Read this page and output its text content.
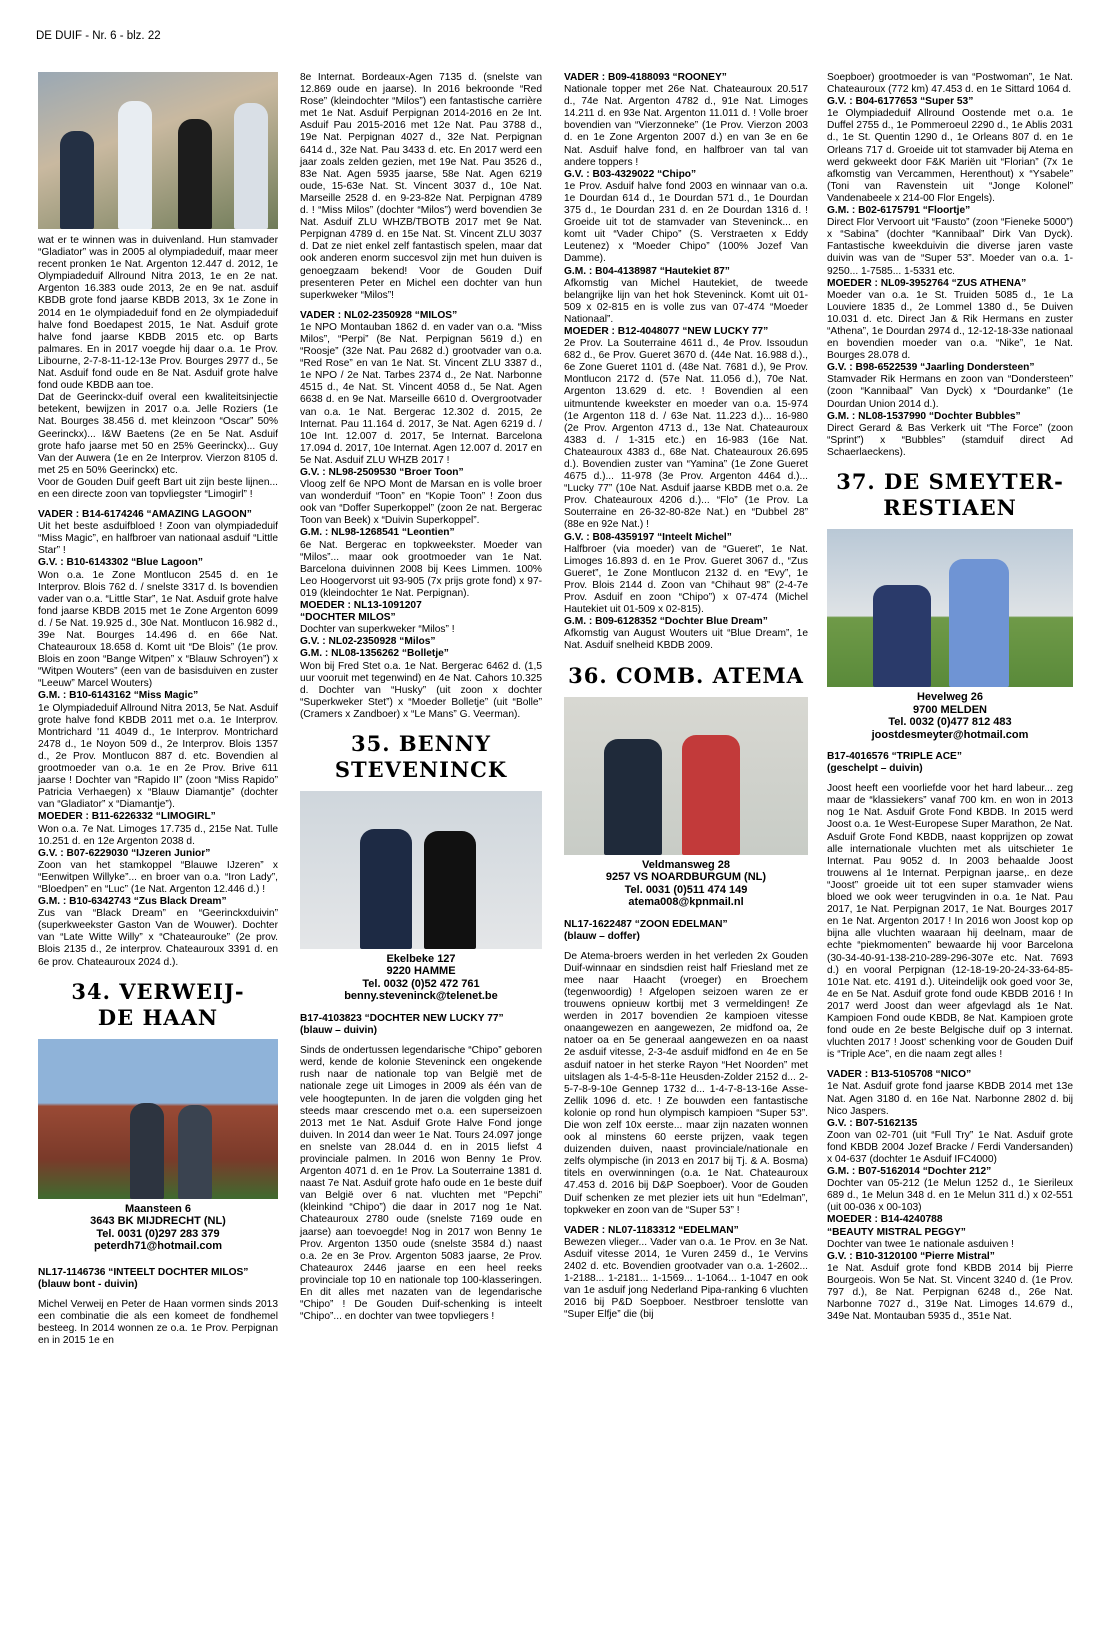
DE DUIF - Nr. 6 - blz. 22

wat er te winnen was in duivenland. Hun stamvader “Gladiator” was in 2005 al olympiadeduif, maar meer recent pronken 1e Nat. Argenton 12.447 d. 2012, 1e Olympiadeduif Allround Nitra 2013, 1e en 2e nat. Argenton 16.383 oude 2013, 2e en 9e nat. asduif KBDB grote fond jaarse KBDB 2013, 3x 1e Zone in 2014 en 1e olympiadeduif fond en 2e olympiadeduif halve fond Boedapest 2015, 1e Nat. Asduif grote halve fond jaarse KBDB 2015 etc. op Barts palmares. En in 2017 voegde hij daar o.a. 1e Prov. Libourne, 2-7-8-11-12-13e Prov. Bourges 2977 d., 5e Nat. Asduif fond oude en 8e Nat. Asduif grote halve fond oude KBDB aan toe.

Dat de Geerinckx-duif overal een kwaliteitsinjectie betekent, bewijzen in 2017 o.a. Jelle Roziers (1e Nat. Bourges 38.456 d. met kleinzoon “Oscar” 50% Geerinckx)... I&W Baetens (2e en 5e Nat. Asduif grote hafo jaarse met 50 en 25% Geerinckx)... Guy Van der Auwera (1e en 2e Interprov. Vierzon 8105 d. met 25 en 50% Geerinckx) etc.

Voor de Gouden Duif geeft Bart uit zijn beste lijnen... en een directe zoon van topvliegster “Limogirl” !

VADER : B14-6174246 “AMAZING LAGOON”

Uit het beste asduifbloed ! Zoon van olympiadeduif “Miss Magic”, en halfbroer van nationaal asduif “Little Star” !

G.V. : B10-6143302 “Blue Lagoon”

Won o.a. 1e Zone Montlucon 2545 d. en 1e Interprov. Blois 762 d. / snelste 3317 d. Is bovendien vader van o.a. “Little Star”, 1e Nat. Asduif grote halve fond jaarse KBDB 2015 met 1e Zone Argenton 6099 d. / 5e Nat. 19.925 d., 30e Nat. Montlucon 16.982 d., 39e Nat. Bourges 14.496 d. en 66e Nat. Chateauroux 18.658 d. Komt uit “De Blois” (1e prov. Blois en zoon “Bange Witpen” x “Blauw Schroyen”) x “Witpen Wouters” (een van de basisduiven en zuster “Leeuw” Marcel Wouters)

G.M. : B10-6143162 “Miss Magic”

1e Olympiadeduif Allround Nitra 2013, 5e Nat. Asduif grote halve fond KBDB 2011 met o.a. 1e Interprov. Montrichard '11 4049 d., 1e Interprov. Montrichard 2478 d., 1e Noyon 509 d., 2e Interprov. Blois 1357 d., 2e Prov. Montlucon 887 d. etc. Bovendien al grootmoeder van o.a. 1e en 2e Prov. Brive 611 jaarse ! Dochter van “Rapido II” (zoon “Miss Rapido” Patricia Verhaegen) x “Blauw Diamantje” (dochter van “Gladiator” x “Diamantje”).

MOEDER : B11-6226332 “LIMOGIRL”

Won o.a. 7e Nat. Limoges 17.735 d., 215e Nat. Tulle 10.251 d. en 12e Argenton 2038 d.

G.V. : B07-6229030 “IJzeren Junior”

Zoon van het stamkoppel “Blauwe IJzeren” x “Eenwitpen Willyke”... en broer van o.a. “Iron Lady”, “Bloedpen” en “Luc” (1e Nat. Argenton 12.446 d.) !

G.M. : B10-6342743 “Zus Black Dream”

Zus van “Black Dream” en “Geerinckxduivin” (superkweekster Gaston Van de Wouwer). Dochter van “Late Witte Willy” x “Chateaurouke” (2e prov. Blois 2135 d., 2e interprov. Chateauroux 3391 d. en 6e prov. Chateauroux 2024 d.).

34. VERWEIJ-
DE HAAN
Maansteen 6
3643 BK MIJDRECHT (NL)
Tel. 0031 (0)297 283 379
peterdh71@hotmail.com

NL17-1146736 “INTEELT DOCHTER MILOS”

(blauw bont - duivin)

Michel Verweij en Peter de Haan vormen sinds 2013 een combinatie die als een komeet de fondhemel besteeg. In 2014 wonnen ze o.a. 1e Prov. Perpignan en in 2015 1e en

8e Internat. Bordeaux-Agen 7135 d. (snelste van 12.869 oude en jaarse). In 2016 bekroonde “Red Rose” (kleindochter “Milos”) een fantastische carrière met 1e Nat. Asduif Perpignan 2014-2016 en 2e Int. Asduif Pau 2015-2016 met 12e Nat. Pau 3788 d., 19e Nat. Perpignan 4027 d., 32e Nat. Perpignan 6414 d., 32e Nat. Pau 3433 d. etc. En 2017 werd een jaar zoals zelden gezien, met 19e Nat. Pau 3526 d., 83e Nat. Agen 5935 jaarse, 58e Nat. Agen 6219 oude, 15-63e Nat. St. Vincent 3037 d., 10e Nat. Marseille 2528 d. en 9-23-82e Nat. Perpignan 4789 d. ! “Miss Milos” (dochter “Milos”) werd bovendien 3e Nat. Asduif ZLU WHZB/TBOTB 2017 met 9e Nat. Perpignan 4789 d. en 15e Nat. St. Vincent ZLU 3037 d. Dat ze niet enkel zelf fantastisch spelen, maar dat ook anderen enorm succesvol zijn met hun duiven is genoegzaam bekend! Voor de Gouden Duif presenteren Peter en Michel een dochter van hun superkweker “Milos”!

VADER : NL02-2350928 “MILOS”

1e NPO Montauban 1862 d. en vader van o.a. “Miss Milos”, “Perpi” (8e Nat. Perpignan 5619 d.) en “Roosje” (32e Nat. Pau 2682 d.) grootvader van o.a. “Red Rose” en van 1e Nat. St. Vincent ZLU 3387 d., 1e NPO / 2e Nat. Tarbes 2374 d., 2e Nat. Narbonne 4515 d., 4e Nat. St. Vincent 4058 d., 5e Nat. Agen 6638 d. en 9e Nat. Marseille 6610 d. Overgrootvader van o.a. 1e Nat. Bergerac 12.302 d. 2015, 2e Internat. Pau 11.164 d. 2017, 3e Nat. Agen 6219 d. / 10e Int. 12.007 d. 2017, 5e Internat. Barcelona 17.094 d. 2017, 10e Internat. Agen 12.007 d. 2017 en 5e Nat. Asduif ZLU WHZB 2017 !

G.V. : NL98-2509530 “Broer Toon”

Vloog zelf 6e NPO Mont de Marsan en is volle broer van wonderduif “Toon” en “Kopie Toon” ! Zoon dus ook van “Doffer Superkoppel” (zoon 2e nat. Bergerac Toon van Beek) x “Duivin Superkoppel”.

G.M. : NL98-1268541 “Leontien”

6e Nat. Bergerac en topkweekster. Moeder van “Milos”... maar ook grootmoeder van 1e Nat. Barcelona duivinnen 2008 bij Kees Limmen. 100% Leo Hoogervorst uit 93-905 (7x prijs grote fond) x 97-019 (kleindochter 1e Nat. Perpignan).

MOEDER : NL13-1091207

“DOCHTER MILOS”

Dochter van superkweker “Milos” !

G.V. : NL02-2350928 “Milos”

G.M. : NL08-1356262 “Bolletje”

Won bij Fred Stet o.a. 1e Nat. Bergerac 6462 d. (1,5 uur vooruit met tegenwind) en 4e Nat. Cahors 10.325 d. Dochter van “Husky” (uit zoon x dochter “Superkweker Stet”) x “Moeder Bolletje” (uit “Bolle” (Cramers x Zandboer) x “Le Mans” G. Veerman).

35. BENNY
STEVENINCK
Ekelbeke 127
9220 HAMME
Tel. 0032 (0)52 472 761
benny.steveninck@telenet.be

B17-4103823 “DOCHTER NEW LUCKY 77”

(blauw – duivin)

Sinds de ondertussen legendarische “Chipo” geboren werd, kende de kolonie Steveninck een ongekende rush naar de nationale top van België met de nationale zege uit Limoges in 2009 als één van de vele hoogtepunten. In de jaren die volgden ging het steeds maar crescendo met o.a. een superseizoen 2013 met 1e Nat. Asduif Grote Halve Fond jonge duiven. In 2014 dan weer 1e Nat. Tours 24.097 jonge en snelste van 28.044 d. en in 2015 liefst 4 provinciale palmen. In 2016 won Benny 1e Prov. Argenton 4071 d. en 1e Prov. La Souterraine 1381 d. naast 7e Nat. Asduif grote hafo oude en 1e beste duif van België over 6 nat. vluchten met “Pepchi” (kleinkind “Chipo”) die daar in 2017 nog 1e Nat. Chateauroux 2780 oude (snelste 7169 oude en jaarse) aan toevoegde! Nog in 2017 won Benny 1e Prov. Argenton 1350 oude (snelste 3584 d.) naast o.a. 2e en 3e Prov. Argenton 5083 jaarse, 2e Prov. Chateaurox 2446 jaarse en een heel reeks provinciale top 10 en nationale top 100-klasseringen. En dit alles met nazaten van de legendarische “Chipo” ! De Gouden Duif-schenking is inteelt “Chipo”... en dochter van twee topvliegers !

VADER : B09-4188093 “ROONEY”

Nationale topper met 26e Nat. Chateauroux 20.517 d., 74e Nat. Argenton 4782 d., 91e Nat. Limoges 14.211 d. en 93e Nat. Argenton 11.011 d. ! Volle broer bovendien van “Vierzonneke” (1e Prov. Vierzon 2003 d. en 1e Zone Argenton 2007 d.) en van 3e en 6e Nat. Asduif halve fond, en halfbroer van tal van andere toppers !

G.V. : B03-4329022 “Chipo”

1e Prov. Asduif halve fond 2003 en winnaar van o.a. 1e Dourdan 614 d., 1e Dourdan 571 d., 1e Dourdan 375 d., 1e Dourdan 231 d. en 2e Dourdan 1316 d. ! Groeide uit tot de stamvader van Steveninck... en komt uit “Vader Chipo” (S. Verstraeten x Eddy Leutenez) x “Moeder Chipo” (100% Jozef Van Damme).

G.M. : B04-4138987 “Hautekiet 87”

Afkomstig van Michel Hautekiet, de tweede belangrijke lijn van het hok Steveninck. Komt uit 01-509 x 02-815 en is volle zus van 07-474 “Moeder Nationaal”.

MOEDER : B12-4048077 “NEW LUCKY 77”

2e Prov. La Souterraine 4611 d., 4e Prov. Issoudun 682 d., 6e Prov. Gueret 3670 d. (44e Nat. 16.988 d.)., 6e Zone Gueret 1101 d. (48e Nat. 7681 d.), 9e Prov. Montlucon 2172 d. (57e Nat. 11.056 d.), 70e Nat. Argenton 13.629 d. etc. ! Bovendien al een uitmuntende kweekster en moeder van o.a. 15-974 (1e Argenton 118 d. / 63e Nat. 11.223 d.)... 16-980 (2e Prov. Argenton 4713 d., 13e Nat. Chateauroux 4383 d. / 1-315 etc.) en 16-983 (16e Nat. Chateauroux 4383 d., 68e Nat. Chateauroux 26.695 d.). Bovendien zuster van “Yamina” (1e Zone Gueret 4675 d.)... 11-978 (3e Prov. Argenton 4464 d.)... “Lucky 77” (10e Nat. Asduif jaarse KBDB met o.a. 2e Prov. Chateauroux 4206 d.)... “Flo” (1e Prov. La Souterraine en 26-32-80-82e Nat.) en “Dubbel 28” (88e en 92e Nat.) !

G.V. : B08-4359197 “Inteelt Michel”

Halfbroer (via moeder) van de “Gueret”, 1e Nat. Limoges 16.893 d. en 1e Prov. Gueret 3067 d., “Zus Gueret”, 1e Zone Montlucon 2132 d. en “Evy”, 1e Prov. Blois 2144 d. Zoon van “Chihaut 98” (2-4-7e Prov. Asduif en zoon “Chipo”) x 07-474 (Michel Hautekiet uit 01-509 x 02-815).

G.M. : B09-6128352 “Dochter Blue Dream”

Afkomstig van August Wouters uit “Blue Dream”, 1e Nat. Asduif snelheid KBDB 2009.

36. COMB. ATEMA
Veldmansweg 28
9257 VS NOARDBURGUM (NL)
Tel. 0031 (0)511 474 149
atema008@kpnmail.nl

NL17-1622487 “ZOON EDELMAN”

(blauw – doffer)

De Atema-broers werden in het verleden 2x Gouden Duif-winnaar en sindsdien reist half Friesland met ze mee naar Haacht (vroeger) en Broechem (tegenwoordig) ! Afgelopen seizoen waren ze er trouwens opnieuw kortbij met 3 vermeldingen! Ze werden in 2017 bovendien 2e kampioen vitesse onaangewezen en aangewezen, 2e midfond oa, 2e natoer oa en 5e generaal aangewezen en oa naast 2e asduif vitesse, 2-3-4e asduif midfond en 4e en 5e asduif natoer in het sterke Rayon “Het Noorden” met uitslagen als 1-4-5-8-11e Heusden-Zolder 2152 d... 2-5-7-8-9-10e Gennep 1732 d... 1-4-7-8-13-16e Asse-Zellik 1096 d. etc. ! Ze bouwden een fantastische kolonie op rond hun olympisch kampioen “Super 53”. Die won zelf 10x eerste... maar zijn nazaten wonnen ook al minstens 60 eerste prijzen, vaak tegen duizenden duiven, naast provinciale/nationale en zelfs olympische (in 2013 en 2017 bij Tj. & A. Bosma) titels en overwinningen (o.a. 1e Nat. Chateauroux 47.453 d. 2016 bij D&P Soepboer). Voor de Gouden Duif schenken ze met plezier iets uit hun “Edelman”, topkweker en zoon van de “Super 53” !

VADER : NL07-1183312 “EDELMAN”

Bewezen vlieger... Vader van o.a. 1e Prov. en 3e Nat. Asduif vitesse 2014, 1e Vuren 2459 d., 1e Vervins 2402 d. etc. Bovendien grootvader van o.a. 1-2602... 1-2188... 1-2181... 1-1569... 1-1064... 1-1047 en ook van 1e asduif jong Nederland Pipa-ranking 6 vluchten 2016 bij P&D Soepboer. Nestbroer tenslotte van “Super Elfje” die (bij

Soepboer) grootmoeder is van “Postwoman”, 1e Nat. Chateauroux (772 km) 47.453 d. en 1e Sittard 1064 d.

G.V. : B04-6177653 “Super 53”

1e Olympiadeduif Allround Oostende met o.a. 1e Duffel 2755 d., 1e Pommeroeul 2290 d., 1e Ablis 2031 d., 1e St. Quentin 1290 d., 1e Orleans 807 d. en 1e Orleans 717 d. Groeide uit tot stamvader bij Atema en werd gekweekt door F&K Mariën uit “Florian” (7x 1e afkomstig van Vercammen, Herenthout) x “Ysabele” (Toni van Ravenstein uit “Jonge Kolonel” Vandenabeele x 214-00 Flor Engels).

G.M. : B02-6175791 “Floortje”

Direct Flor Vervoort uit “Fausto” (zoon “Fieneke 5000”) x “Sabina” (dochter “Kannibaal” Dirk Van Dyck). Fantastische kweekduivin die diverse jaren vaste duivin was van de “Super 53”. Moeder van o.a. 1-9250... 1-7585... 1-5331 etc.

MOEDER : NL09-3952764 “ZUS ATHENA”

Moeder van o.a. 1e St. Truiden 5085 d., 1e La Louviere 1835 d., 2e Lommel 1380 d., 5e Duiven 10.031 d. etc. Direct Jan & Rik Hermans en zuster “Athena”, 1e Dourdan 2974 d., 12-12-18-33e nationaal en bovendien moeder van o.a. “Nike”, 1e Nat. Bourges 28.078 d.

G.V. : B98-6522539 “Jaarling Dondersteen”

Stamvader Rik Hermans en zoon van “Dondersteen” (zoon “Kannibaal” Van Dyck) x “Dourdanke” (1e Dourdan Union 2014 d.).

G.M. : NL08-1537990 “Dochter Bubbles”

Direct Gerard & Bas Verkerk uit “The Force” (zoon “Sprint”) x “Bubbles” (stamduif direct Ad Schaerlaeckens).

37. DE SMEYTER-
RESTIAEN
Hevelweg 26
9700 MELDEN
Tel. 0032 (0)477 812 483
joostdesmeyter@hotmail.com

B17-4016576 “TRIPLE ACE”

(geschelpt – duivin)

Joost heeft een voorliefde voor het hard labeur... zeg maar de “klassiekers” vanaf 700 km. en won in 2013 nog 1e Nat. Asduif Grote Fond KBDB. In 2015 werd Joost o.a. 1e West-Europese Super Marathon, 2e Nat. Asduif Grote Fond KBDB, naast kopprijzen op zowat alle internationale vluchten met als uitschieter 1e Internat. Pau 9052 d. In 2003 behaalde Joost trouwens al 1e Internat. Perpignan jaarse,. en deze “Joost” groeide uit tot een super stamvader wiens bloed we ook weer terugvinden in o.a. 1e Nat. Pau 2017, 1e Nat. Perpignan 2017, 1e Nat. Bourges 2017 en 1e Nat. Argenton 2017 ! In 2016 won Joost kop op bijna alle vluchten waaraan hij deelnam, maar de echte “piekmomenten” bewaarde hij voor Barcelona (30-34-40-91-138-210-289-296-307e etc. Nat. 7693 d.) en vooral Perpignan (12-18-19-20-24-33-64-85-101e Nat. etc. 4191 d.). Uiteindelijk ook goed voor 3e, 4e en 5e Nat. Asduif grote fond oude KBDB 2016 ! In 2017 werd Joost dan weer afgevlagd als 1e Nat. Kampioen Fond oude KBDB, 8e Nat. Kampioen grote fond oude en 2e beste Belgische duif op 3 internat. vluchten 2017 ! Joost' schenking voor de Gouden Duif is “Triple Ace”, en die naam zegt alles !

VADER : B13-5105708 “NICO”

1e Nat. Asduif grote fond jaarse KBDB 2014 met 13e Nat. Agen 3180 d. en 16e Nat. Narbonne 2802 d. bij Nico Jaspers.

G.V. : B07-5162135

Zoon van 02-701 (uit “Full Try” 1e Nat. Asduif grote fond KBDB 2004 Jozef Bracke / Ferdi Vandersanden) x 04-637 (dochter 1e Asduif IFC4000)

G.M. : B07-5162014 “Dochter 212”

Dochter van 05-212 (1e Melun 1252 d., 1e Sierileux 689 d., 1e Melun 348 d. en 1e Melun 311 d.) x 02-551 (uit 00-036 x 00-103)

MOEDER : B14-4240788

“BEAUTY MISTRAL PEGGY”

Dochter van twee 1e nationale asduiven !

G.V. : B10-3120100 “Pierre Mistral”

1e Nat. Asduif grote fond KBDB 2014 bij Pierre Bourgeois. Won 5e Nat. St. Vincent 3240 d. (1e Prov. 797 d.), 8e Nat. Perpignan 6248 d., 26e Nat. Narbonne 7027 d., 319e Nat. Limoges 14.679 d., 349e Nat. Montauban 5935 d., 351e Nat.
